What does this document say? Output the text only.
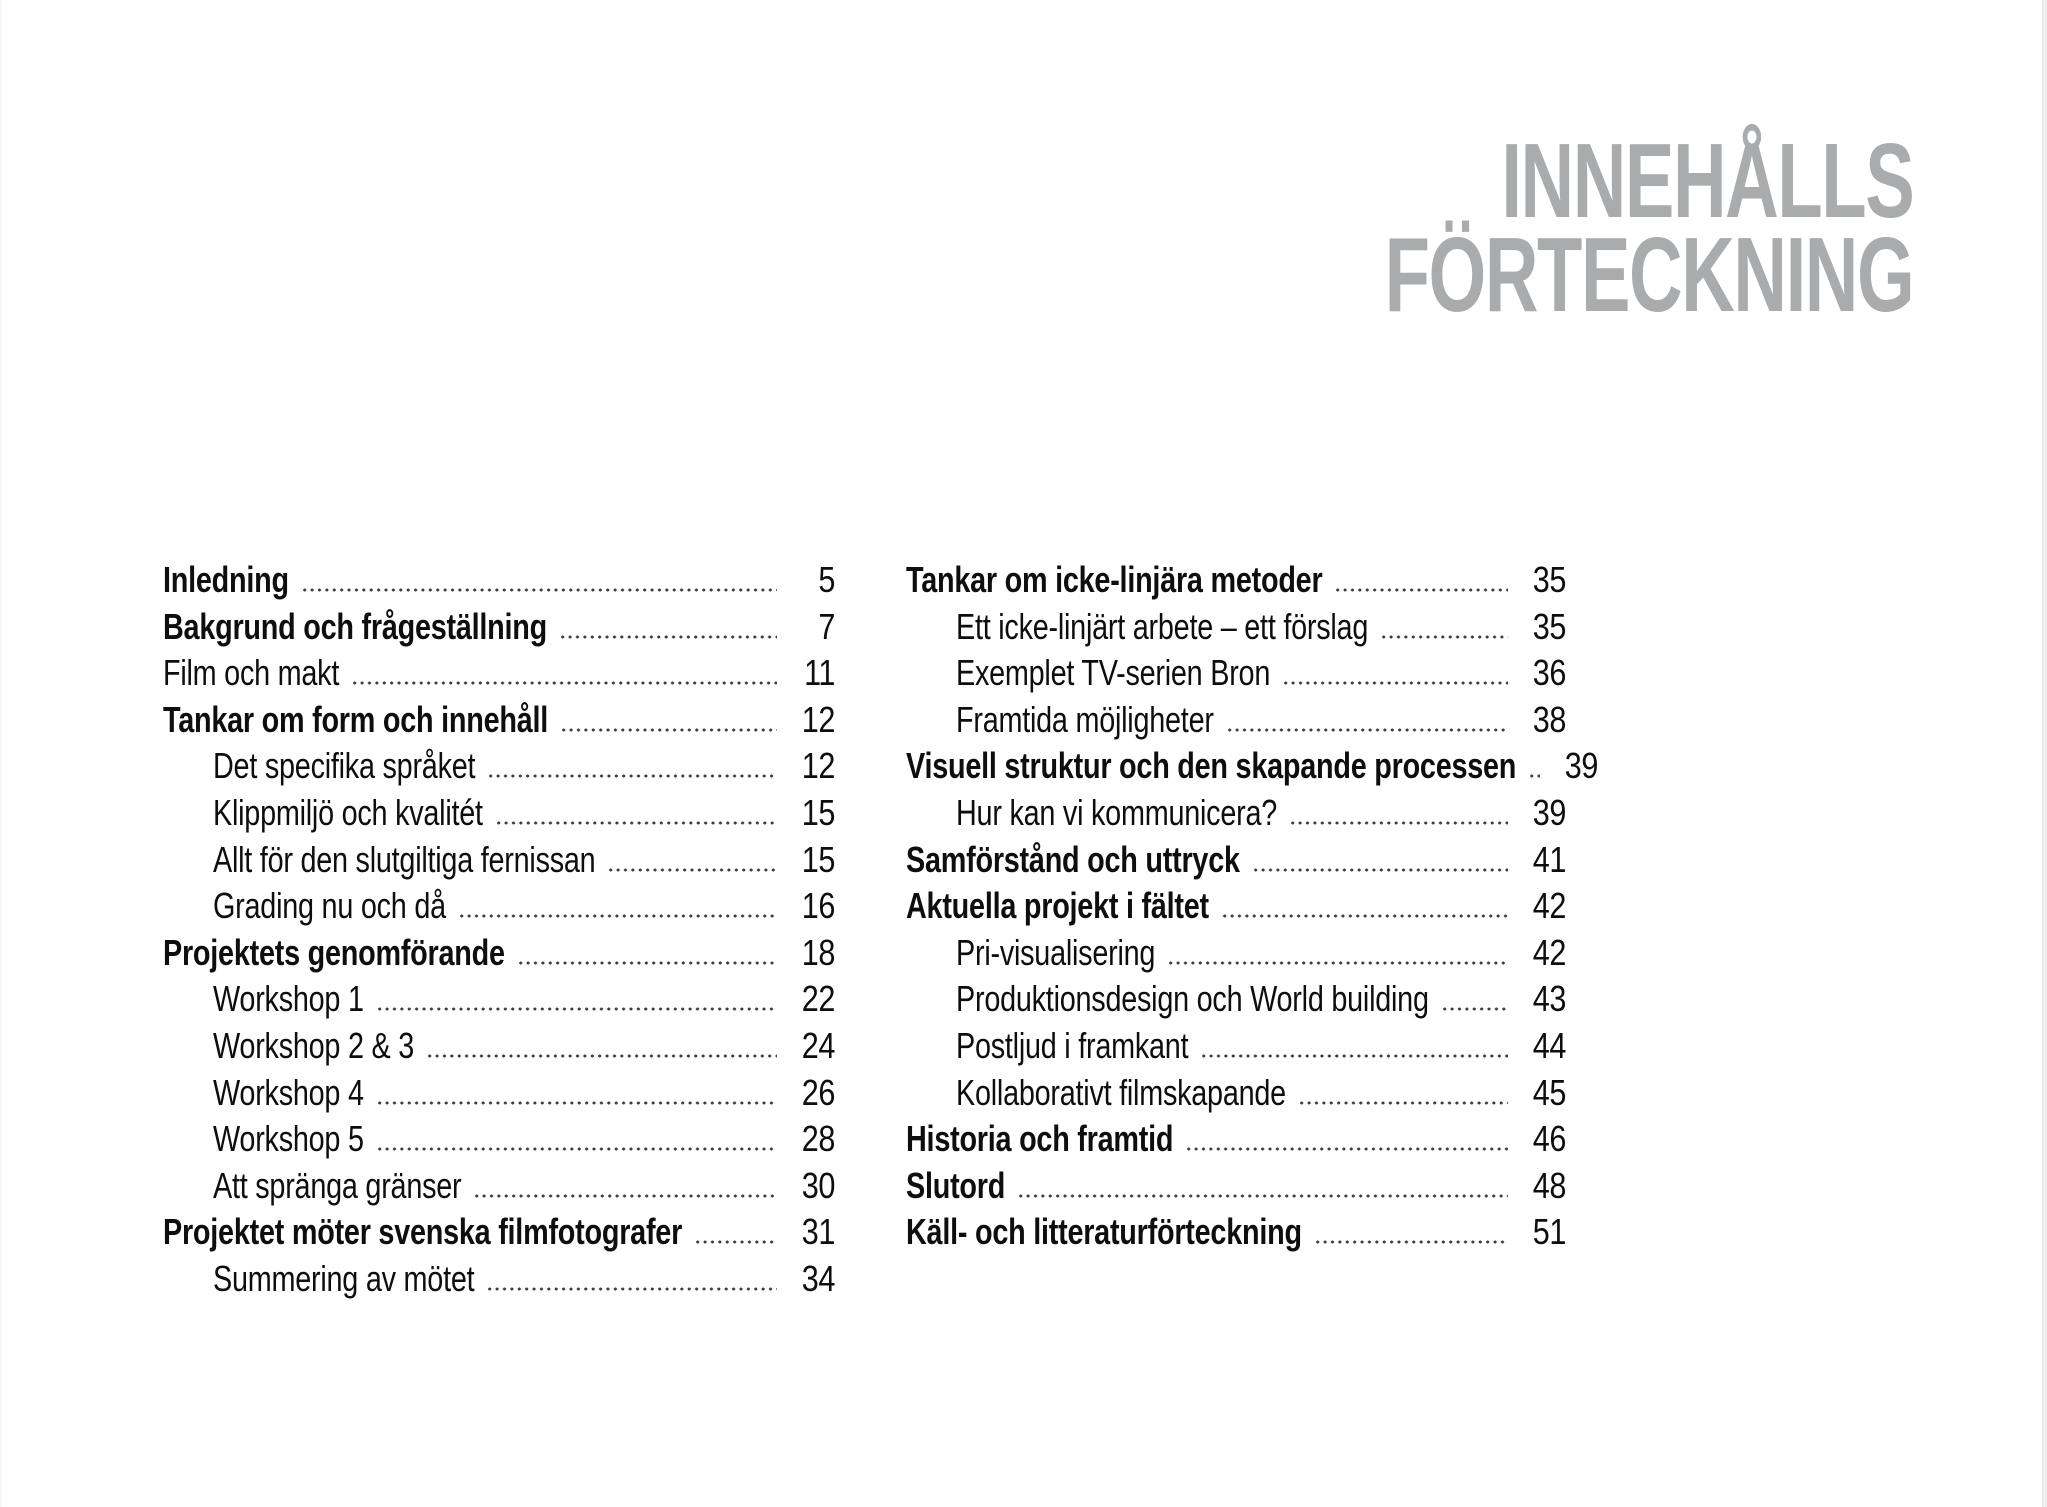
INNEHÅLLS
FÖRTECKNING
Inledning	5
Bakgrund och frågeställning	7
Film och makt	11
Tankar om form och innehåll	12
Det specifika språket	12
Klippmiljö och kvalitét	15
Allt för den slutgiltiga fernissan	15
Grading nu och då	16
Projektets genomförande	18
Workshop 1	22
Workshop 2 & 3	24
Workshop 4	26
Workshop 5	28
Att spränga gränser	30
Projektet möter svenska filmfotografer	31
Summering av mötet	34
Tankar om icke-linjära metoder	35
Ett icke-linjärt arbete – ett förslag	35
Exemplet TV-serien Bron	36
Framtida möjligheter	38
Visuell struktur och den skapande processen 39
Hur kan vi kommunicera?	39
Samförstånd och uttryck	41
Aktuella projekt i fältet	42
Pri-visualisering	42
Produktionsdesign och World building	43
Postljud i framkant	44
Kollaborativt filmskapande	45
Historia och framtid	46
Slutord	48
Käll- och litteraturförteckning	51
